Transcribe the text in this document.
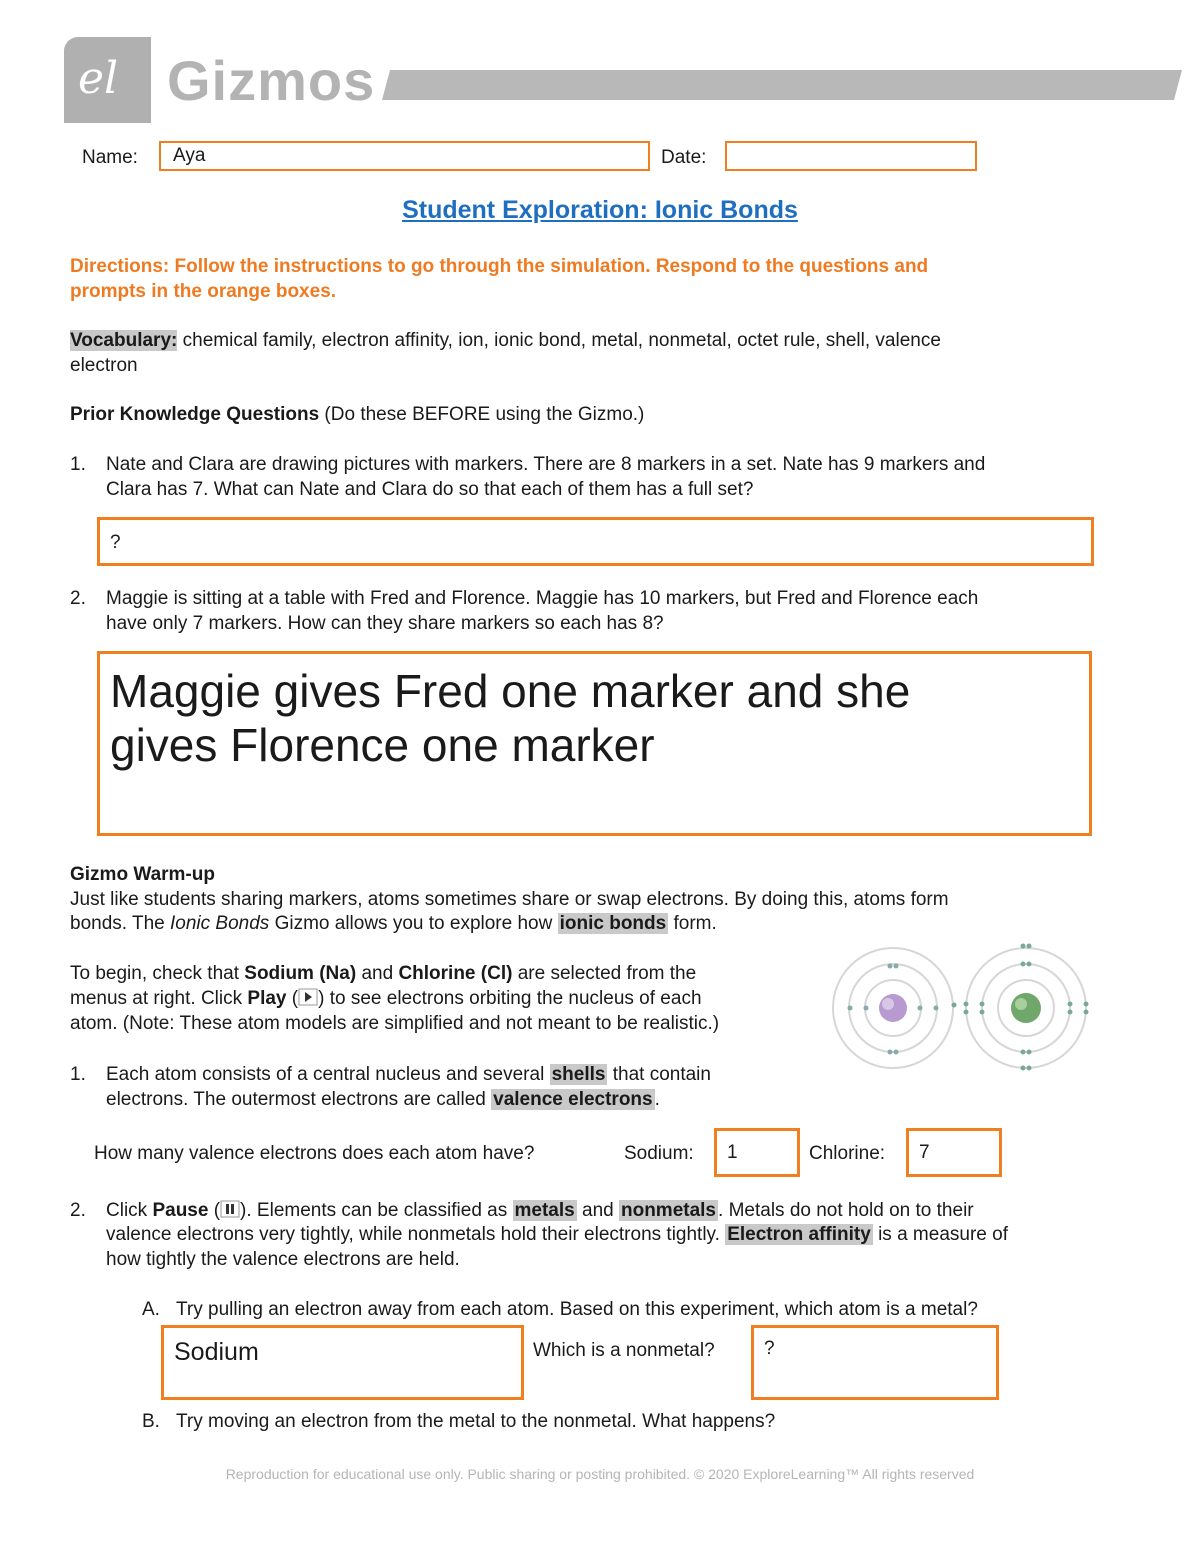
el Gizmos
Name: Aya	Date:
Student Exploration: Ionic Bonds
Directions: Follow the instructions to go through the simulation. Respond to the questions and
prompts in the orange boxes.
Vocabulary: chemical family, electron affinity, ion, ionic bond, metal, nonmetal, octet rule, shell, valence
electron
Prior Knowledge Questions (Do these BEFORE using the Gizmo.)
1. Nate and Clara are drawing pictures with markers. There are 8 markers in a set. Nate has 9 markers and
Clara has 7. What can Nate and Clara do so that each of them has a full set?
?
2. Maggie is sitting at a table with Fred and Florence. Maggie has 10 markers, but Fred and Florence each
have only 7 markers. How can they share markers so each has 8?
Maggie gives Fred one marker and she
gives Florence one marker
Gizmo Warm-up
Just like students sharing markers, atoms sometimes share or swap electrons. By doing this, atoms form
bonds. The Ionic Bonds Gizmo allows you to explore how ionic bonds form.
To begin, check that Sodium (Na) and Chlorine (Cl) are selected from the
menus at right. Click Play ( ) to see electrons orbiting the nucleus of each
atom. (Note: These atom models are simplified and not meant to be realistic.)
1. Each atom consists of a central nucleus and several shells that contain
electrons. The outermost electrons are called valence electrons .
How many valence electrons does each atom have?	Sodium: 1	Chlorine: 7
2. Click Pause ( ). Elements can be classified as metals and nonmetals . Metals do not hold on to their
valence electrons very tightly, while nonmetals hold their electrons tightly. Electron affinity is a measure of
how tightly the valence electrons are held.
A. Try pulling an electron away from each atom. Based on this experiment, which atom is a metal?
Sodium	Which is a nonmetal?	?
B. Try moving an electron from the metal to the nonmetal. What happens?
Reproduction for educational use only. Public sharing or posting prohibited. © 2020 ExploreLearning™ All rights reserved
